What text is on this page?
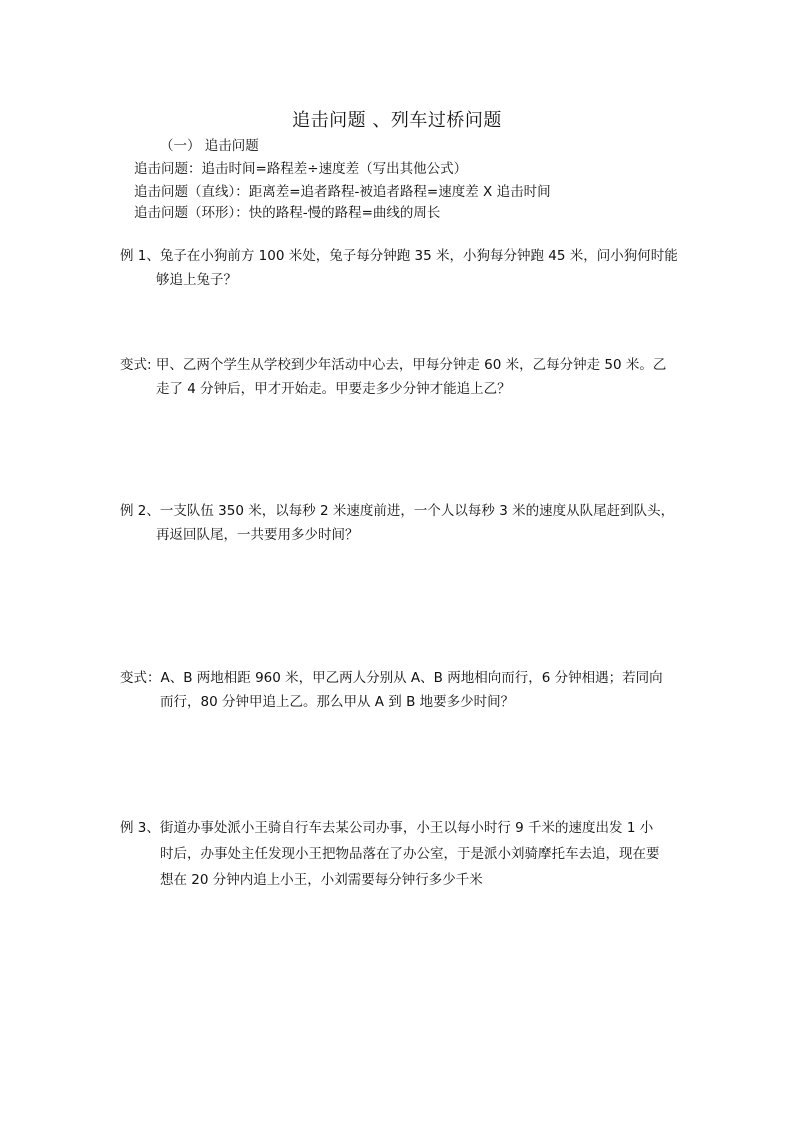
追击问题 、列车过桥问题
（一） 追击问题
追击问题：追击时间=路程差÷速度差（写出其他公式）
追击问题（直线）：距离差=追者路程-被追者路程=速度差 X 追击时间
追击问题（环形）：快的路程-慢的路程=曲线的周长
例 1、兔子在小狗前方 100 米处，兔子每分钟跑 35 米，小狗每分钟跑 45 米，问小狗何时能
够追上兔子？
变式: 甲、乙两个学生从学校到少年活动中心去，甲每分钟走 60 米，乙每分钟走 50 米。乙
走了 4 分钟后，甲才开始走。甲要走多少分钟才能追上乙？
例 2、一支队伍 350 米，以每秒 2 米速度前进，一个人以每秒 3 米的速度从队尾赶到队头，
再返回队尾，一共要用多少时间？
变式：A、B 两地相距 960 米，甲乙两人分别从 A、B 两地相向而行，6 分钟相遇；若同向
而行，80 分钟甲追上乙。那么甲从 A 到 B 地要多少时间？
例 3、街道办事处派小王骑自行车去某公司办事，小王以每小时行 9 千米的速度出发 1 小
时后，办事处主任发现小王把物品落在了办公室，于是派小刘骑摩托车去追，现在要
想在 20 分钟内追上小王，小刘需要每分钟行多少千米
